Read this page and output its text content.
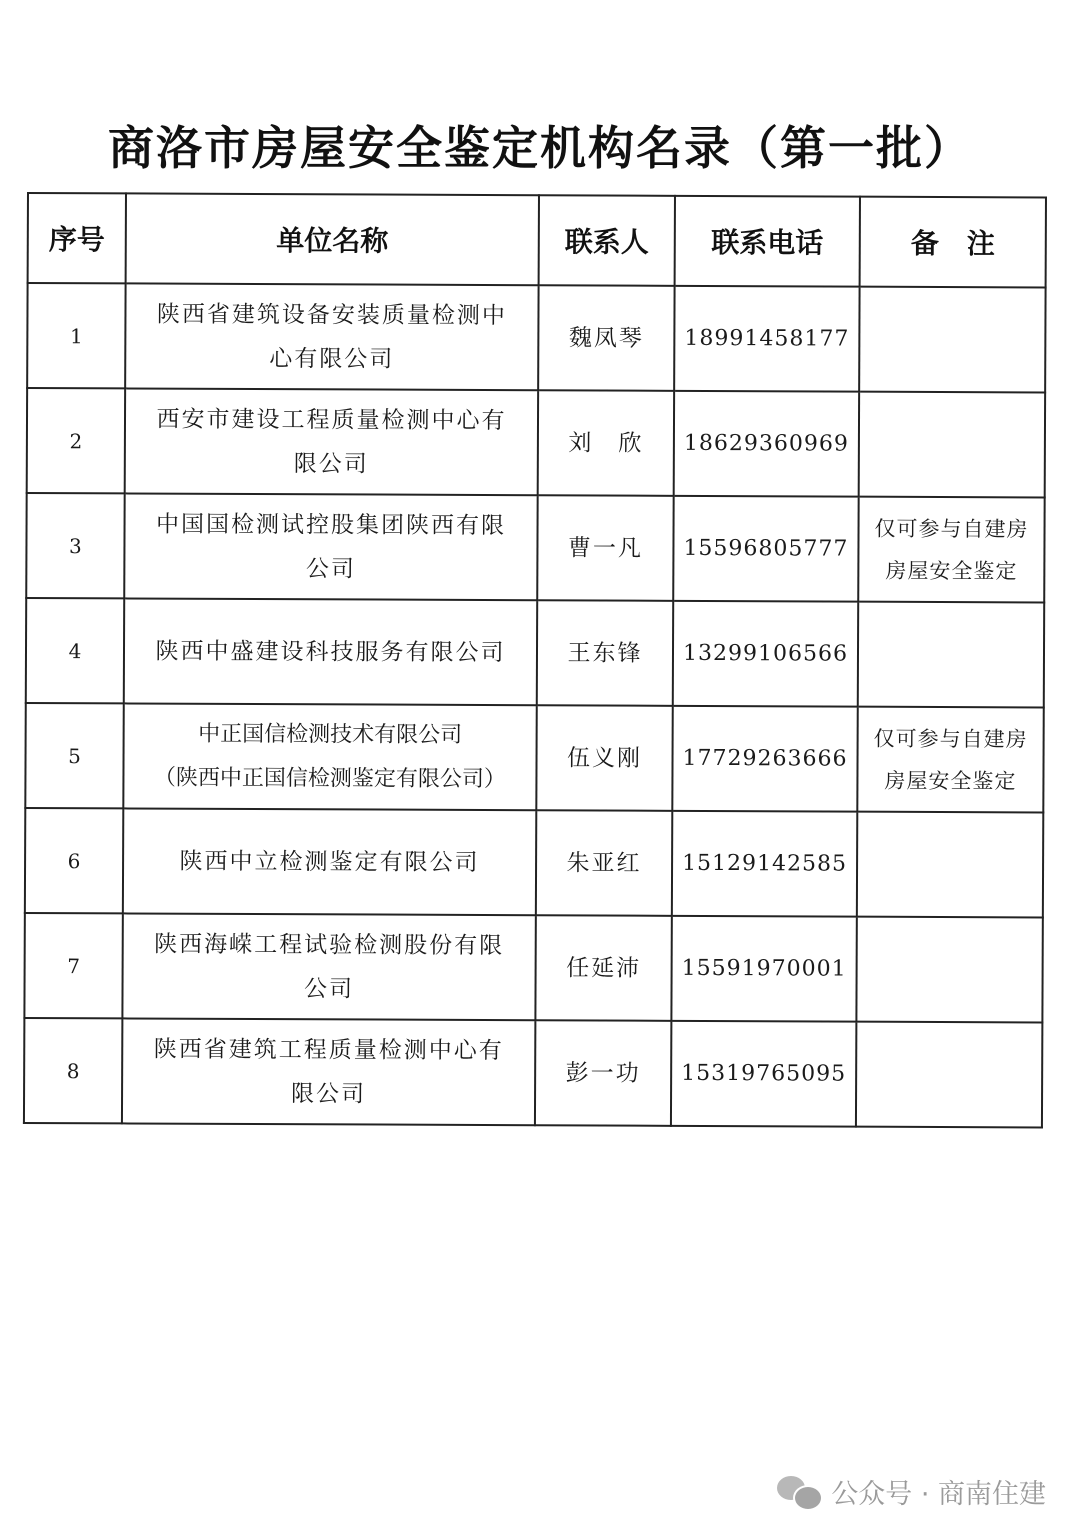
商洛市房屋安全鉴定机构名录（第一批）
序号	单位名称	联系人	联系电话	备　注
1	陕西省建筑设备安装质量检测中
心有限公司	魏凤琴	18991458177	

2	西安市建设工程质量检测中心有
限公司	刘　欣	18629360969	

3	中国国检测试控股集团陕西有限
公司	曹一凡	15596805777	仅可参与自建房
房屋安全鉴定
4	陕西中盛建设科技服务有限公司	王东锋	13299106566	
5	中正国信检测技术有限公司
（陕西中正国信检测鉴定有限公司）	伍义刚	17729263666	仅可参与自建房
房屋安全鉴定
6	陕西中立检测鉴定有限公司	朱亚红	15129142585	
7	陕西海嵘工程试验检测股份有限
公司	任延沛	15591970001	
8	陕西省建筑工程质量检测中心有
限公司	彭一功	15319765095	
公众号 · 商南住建
